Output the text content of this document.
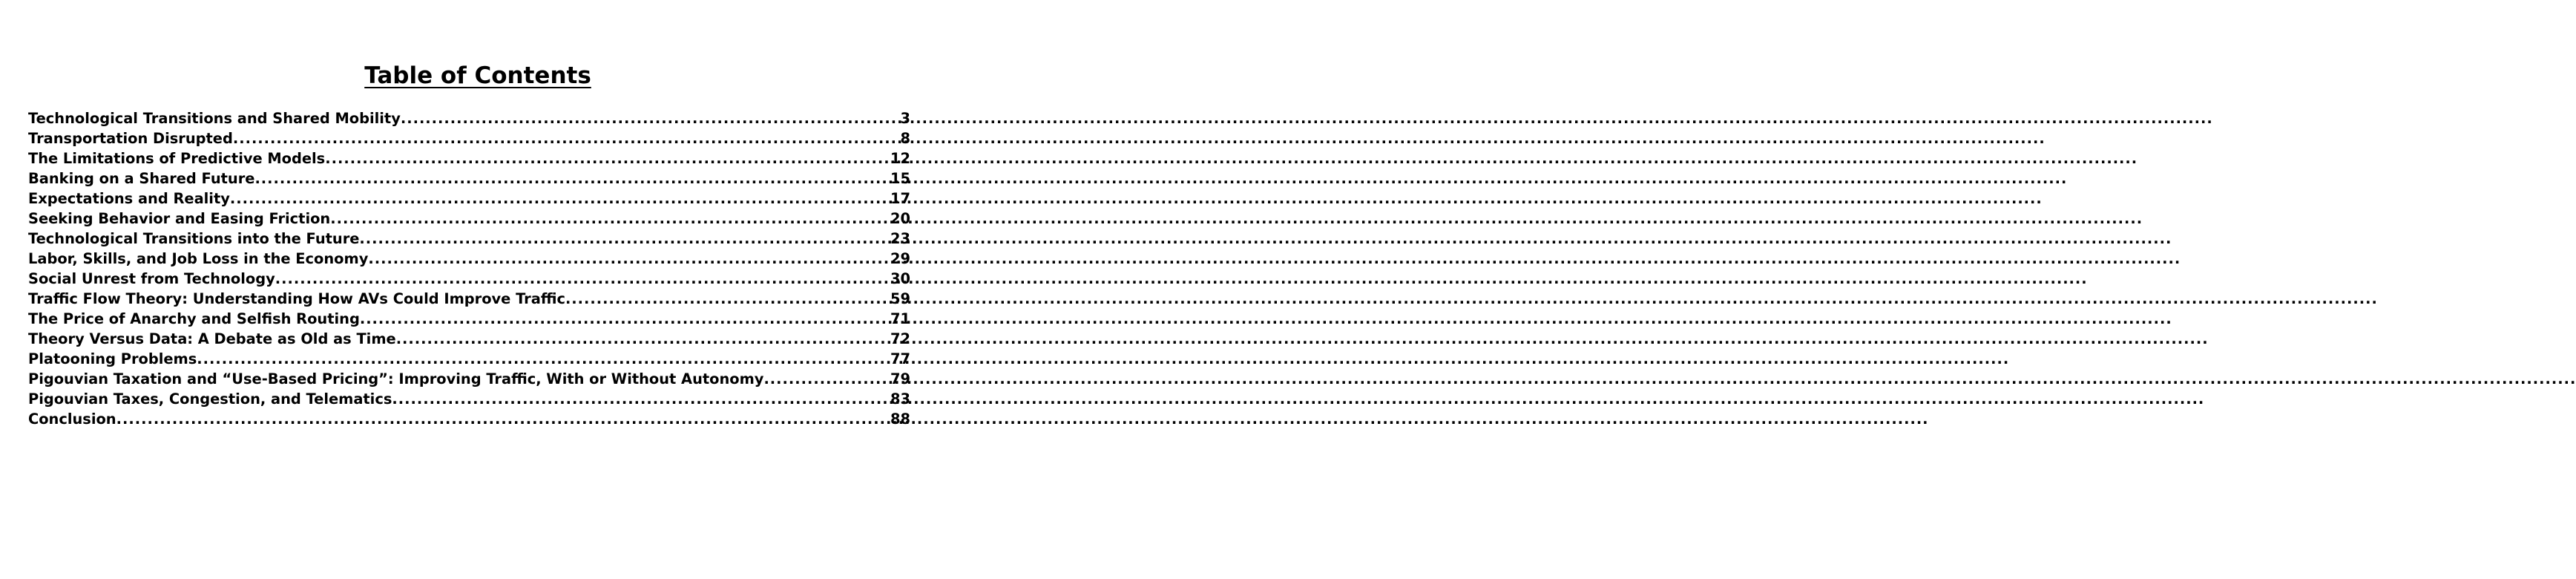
Table of Contents
Technological Transitions and Shared Mobility .....	3
Transportation Disrupted .....	8
The Limitations of Predictive Models .....	12
Banking on a Shared Future .....	15
Expectations and Reality .....	17
Seeking Behavior and Easing Friction .....	20
Technological Transitions into the Future .....	23
Labor, Skills, and Job Loss in the Economy .....	29
Social Unrest from Technology .....	30
Traffic Flow Theory: Understanding How AVs Could Improve Traffic .....	59
The Price of Anarchy and Selfish Routing .....	71
Theory Versus Data: A Debate as Old as Time .....	72
Platooning Problems .....	77
Pigouvian Taxation and “Use-Based Pricing”: Improving Traffic, With or Without Autonomy .....	79
Pigouvian Taxes, Congestion, and Telematics .....	83
Conclusion .....	88
